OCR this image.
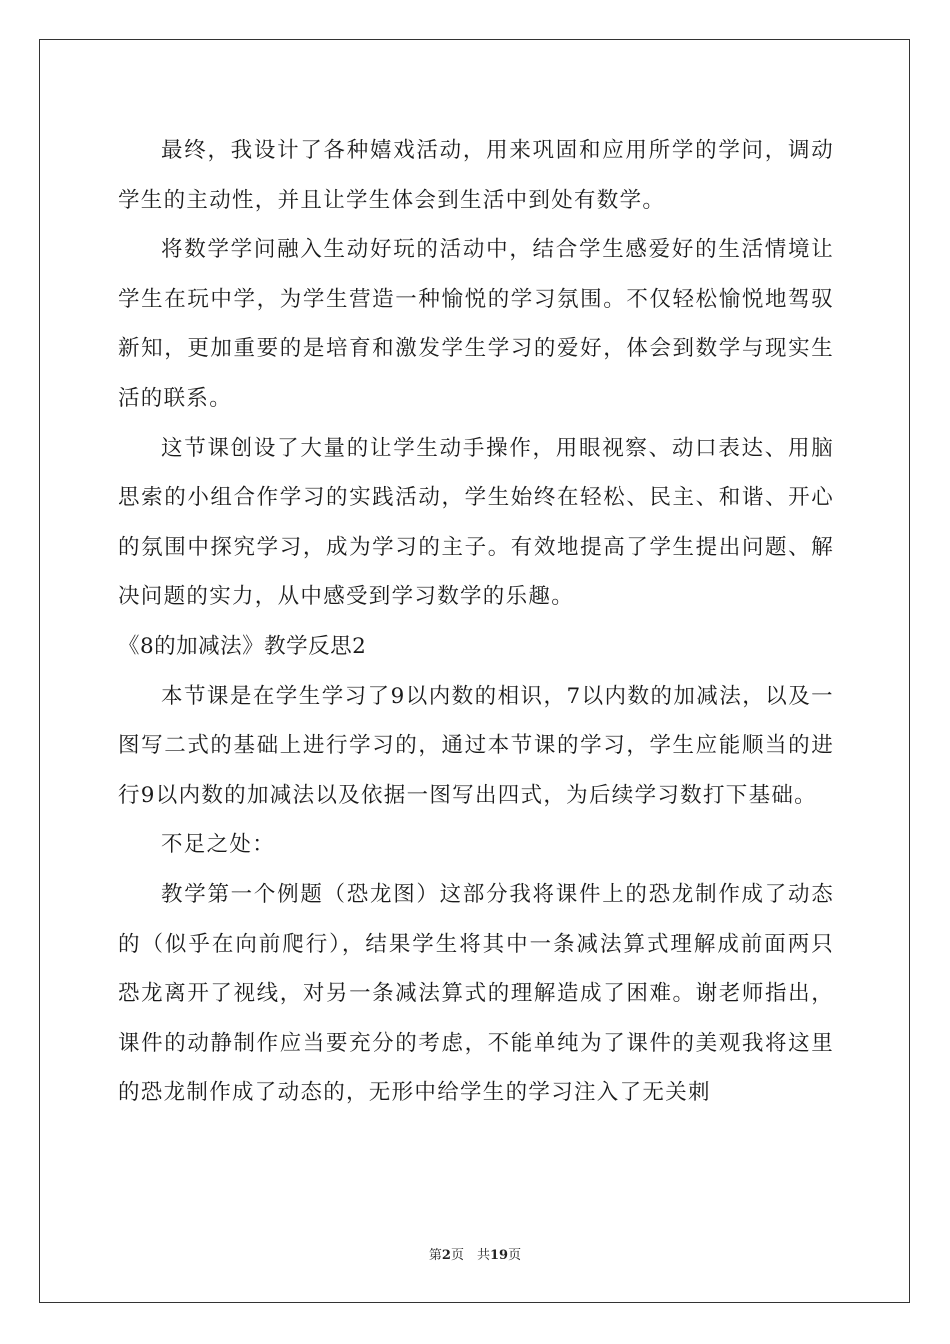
最终，我设计了各种嬉戏活动，用来巩固和应用所学的学问，调动学生的主动性，并且让学生体会到生活中到处有数学。

将数学学问融入生动好玩的活动中，结合学生感爱好的生活情境让学生在玩中学，为学生营造一种愉悦的学习氛围。不仅轻松愉悦地驾驭新知，更加重要的是培育和激发学生学习的爱好，体会到数学与现实生活的联系。

这节课创设了大量的让学生动手操作，用眼视察、动口表达、用脑思索的小组合作学习的实践活动，学生始终在轻松、民主、和谐、开心的氛围中探究学习，成为学习的主子。有效地提高了学生提出问题、解决问题的实力，从中感受到学习数学的乐趣。

《8的加减法》教学反思2

本节课是在学生学习了9以内数的相识，7以内数的加减法，以及一图写二式的基础上进行学习的，通过本节课的学习，学生应能顺当的进行9以内数的加减法以及依据一图写出四式，为后续学习数打下基础。

不足之处：

教学第一个例题（恐龙图）这部分我将课件上的恐龙制作成了动态的（似乎在向前爬行），结果学生将其中一条减法算式理解成前面两只恐龙离开了视线，对另一条减法算式的理解造成了困难。谢老师指出，课件的动静制作应当要充分的考虑，不能单纯为了课件的美观我将这里的恐龙制作成了动态的，无形中给学生的学习注入了无关刺

第2页　共19页
